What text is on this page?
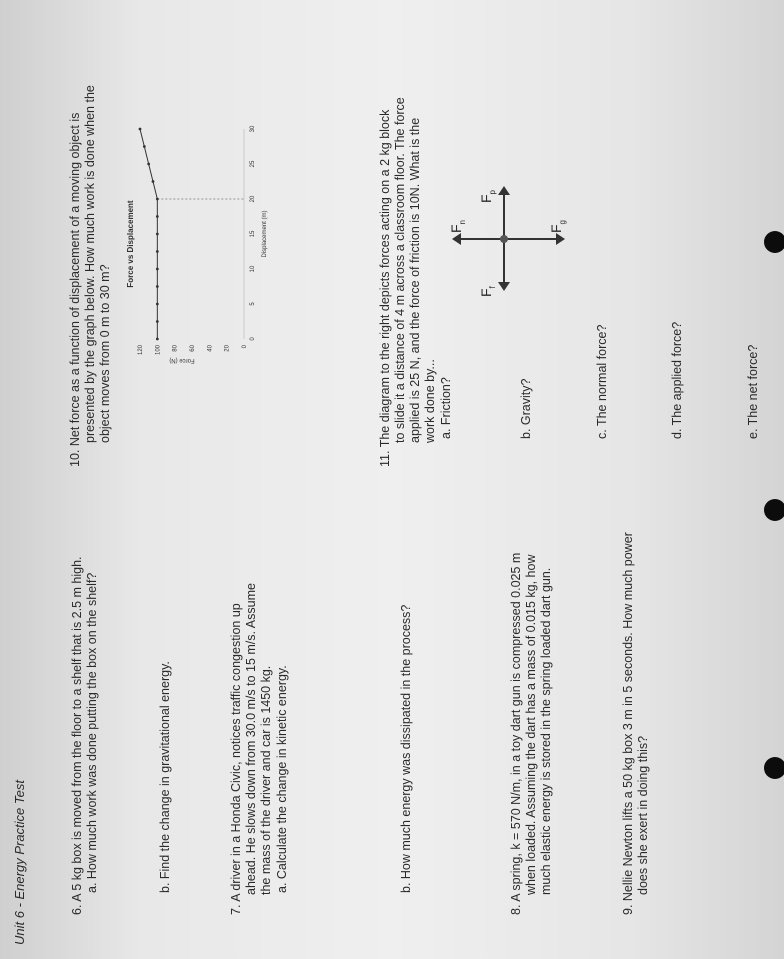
Unit 6 - Energy Practice Test	6. A 5 kg box is moved from the floor to a shelf that is 2.5 m high. a. How much work was done putting the box on the shelf?	b. Find the change in gravitational energy.	7. A driver in a Honda Civic, notices traffic congestion up ahead. He slows down from 30.0 m/s to 15 m/s. Assume the mass of the driver and car is 1450 kg. a. Calculate the change in kinetic energy.	b. How much energy was dissipated in the process?	8. A spring, k = 570 N/m, in a toy dart gun is compressed 0.025 m when loaded. Assuming the dart has a mass of 0.015 kg, how much elastic energy is stored in the spring loaded dart gun.	9. Nellie Newton lifts a 50 kg box 3 m in 5 seconds. How much power does she exert in doing this?
10. Net force as a function of displacement of a moving object is presented by the graph below. How much work is done when the object moves from 0 m to 30 m?
Force vs Displacement
Force (N)
Displacement (m)
0
20
40
60
80
100
120
0
5
10
15
20
25
30	11. The diagram to the right depicts forces acting on a 2 kg block to slide it a distance of 4 m across a classroom floor. The force applied is 25 N, and the force of friction is 10N. What is the work done by... a. Friction?	b. Gravity?	c. The normal force?	d. The applied force?	e. The net force?
$F_n$
$F_p$
$F_f$
$F_g$
